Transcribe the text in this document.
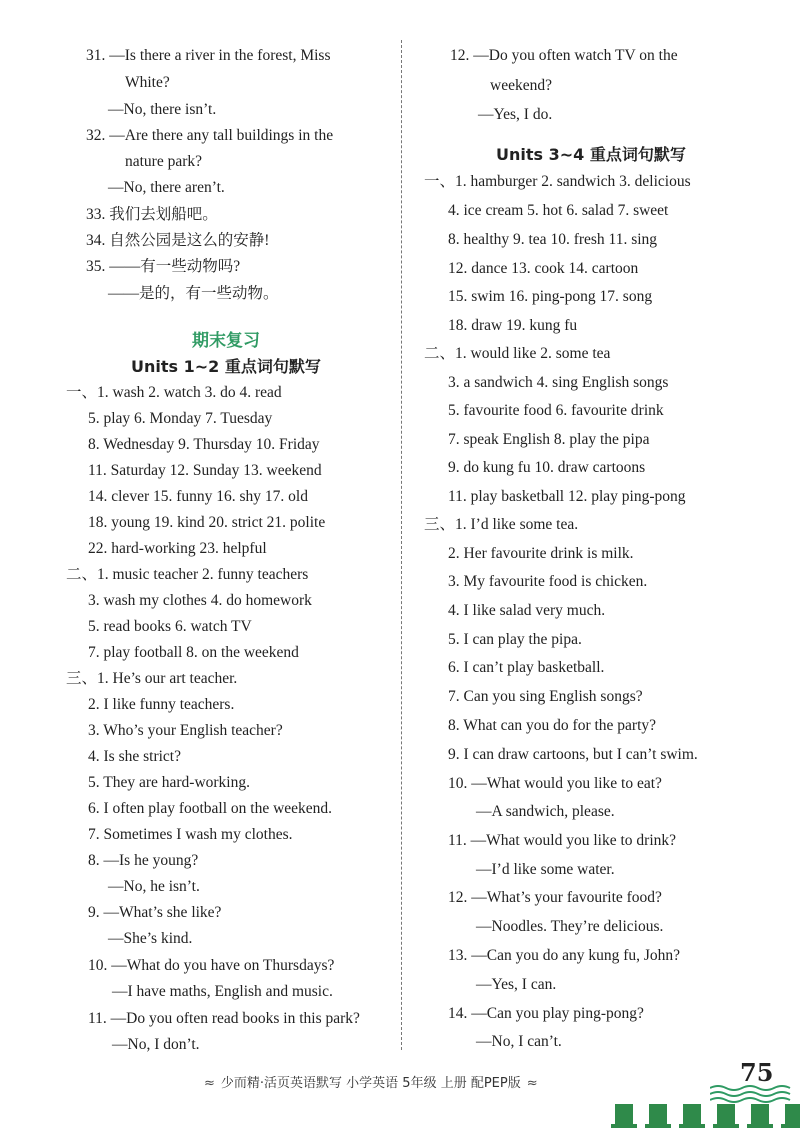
31. —Is there a river in the forest, Miss
White?
—No, there isn’t.
32. —Are there any tall buildings in the
nature park?
—No, there aren’t.
33. 我们去划船吧。
34. 自然公园是这么的安静!
35. ——有一些动物吗?
——是的，有一些动物。
期末复习
Units 1~2 重点词句默写
一、1. wash 2. watch 3. do 4. read
5. play 6. Monday 7. Tuesday
8. Wednesday 9. Thursday 10. Friday
11. Saturday 12. Sunday 13. weekend
14. clever 15. funny 16. shy 17. old
18. young 19. kind 20. strict 21. polite
22. hard-working 23. helpful
二、1. music teacher 2. funny teachers
3. wash my clothes 4. do homework
5. read books 6. watch TV
7. play football 8. on the weekend
三、1. He’s our art teacher.
2. I like funny teachers.
3. Who’s your English teacher?
4. Is she strict?
5. They are hard-working.
6. I often play football on the weekend.
7. Sometimes I wash my clothes.
8. —Is he young?
—No, he isn’t.
9. —What’s she like?
—She’s kind.
10. —What do you have on Thursdays?
—I have maths, English and music.
11. —Do you often read books in this park?
—No, I don’t.
12. —Do you often watch TV on the
weekend?
—Yes, I do.
Units 3~4 重点词句默写
一、1. hamburger 2. sandwich 3. delicious
4. ice cream 5. hot 6. salad 7. sweet
8. healthy 9. tea 10. fresh 11. sing
12. dance 13. cook 14. cartoon
15. swim 16. ping-pong 17. song
18. draw 19. kung fu
二、1. would like 2. some tea
3. a sandwich 4. sing English songs
5. favourite food 6. favourite drink
7. speak English 8. play the pipa
9. do kung fu 10. draw cartoons
11. play basketball 12. play ping-pong
三、1. I’d like some tea.
2. Her favourite drink is milk.
3. My favourite food is chicken.
4. I like salad very much.
5. I can play the pipa.
6. I can’t play basketball.
7. Can you sing English songs?
8. What can you do for the party?
9. I can draw cartoons, but I can’t swim.
10. —What would you like to eat?
—A sandwich, please.
11. —What would you like to drink?
—I’d like some water.
12. —What’s your favourite food?
—Noodles. They’re delicious.
13. —Can you do any kung fu, John?
—Yes, I can.
14. —Can you play ping-pong?
—No, I can’t.
≈ 少而精·活页英语默写 小学英语 5年级 上册 配PEP版 ≈	75
